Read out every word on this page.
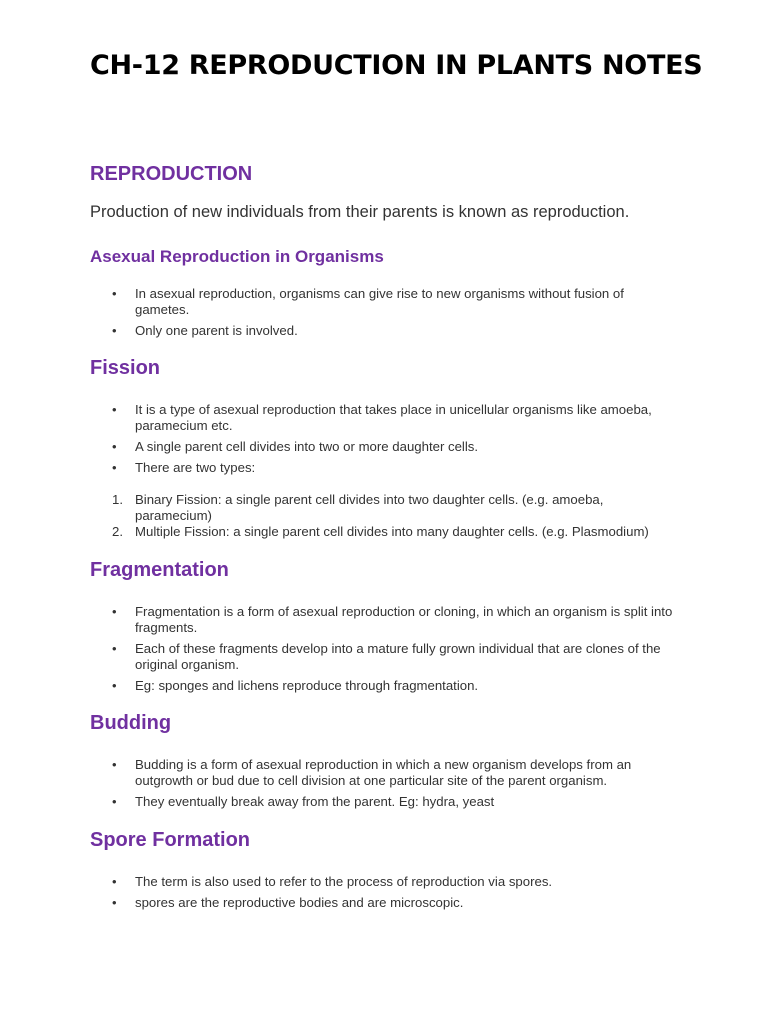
CH-12 REPRODUCTION IN PLANTS NOTES
REPRODUCTION

Production of new individuals from their parents is known as reproduction.

Asexual Reproduction in Organisms
• In asexual reproduction, organisms can give rise to new organisms without fusion of gametes.
• Only one parent is involved.
Fission
• It is a type of asexual reproduction that takes place in unicellular organisms like amoeba, paramecium etc.
• A single parent cell divides into two or more daughter cells.
• There are two types:
1. Binary Fission: a single parent cell divides into two daughter cells. (e.g. amoeba, paramecium)
2. Multiple Fission: a single parent cell divides into many daughter cells. (e.g. Plasmodium)
Fragmentation
• Fragmentation is a form of asexual reproduction or cloning, in which an organism is split into fragments.
• Each of these fragments develop into a mature fully grown individual that are clones of the original organism.
• Eg: sponges and lichens reproduce through fragmentation.
Budding
• Budding is a form of asexual reproduction in which a new organism develops from an outgrowth or bud due to cell division at one particular site of the parent organism.
• They eventually break away from the parent. Eg: hydra, yeast
Spore Formation
• The term is also used to refer to the process of reproduction via spores.
• spores are the reproductive bodies and are microscopic.
